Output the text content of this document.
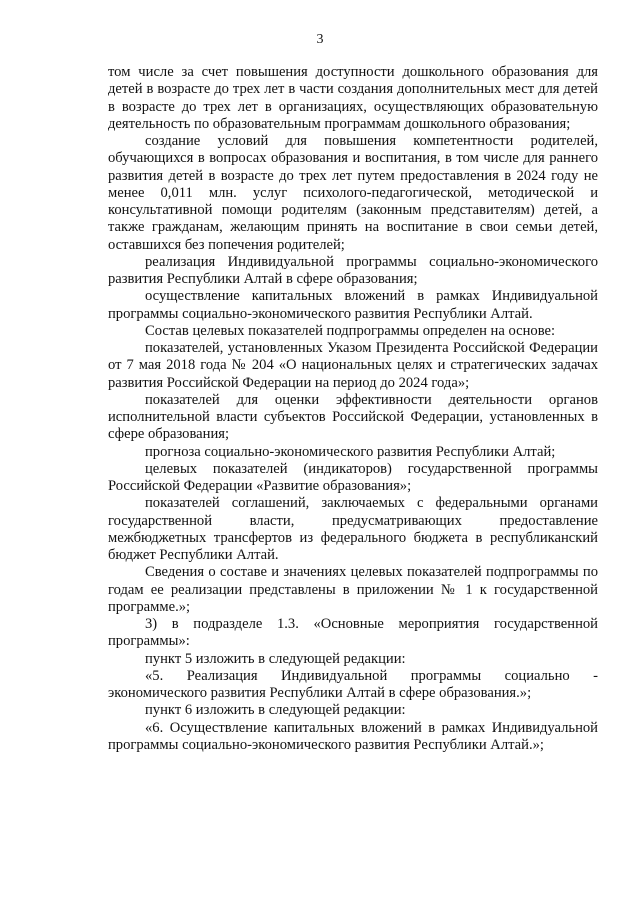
3

том числе за счет повышения доступности дошкольного образования для детей в возрасте до трех лет в части создания дополнительных мест для детей в возрасте до трех лет в организациях, осуществляющих образовательную деятельность по образовательным программам дошкольного образования;

создание условий для повышения компетентности родителей, обучающихся в вопросах образования и воспитания, в том числе для раннего развития детей в возрасте до трех лет путем предоставления в 2024 году не менее 0,011 млн. услуг психолого-педагогической, методической и консультативной помощи родителям (законным представителям) детей, а также гражданам, желающим принять на воспитание в свои семьи детей, оставшихся без попечения родителей;

реализация Индивидуальной программы социально-экономического развития Республики Алтай в сфере образования;

осуществление капитальных вложений в рамках Индивидуальной программы социально-экономического развития Республики Алтай.

Состав целевых показателей подпрограммы определен на основе:

показателей, установленных Указом Президента Российской Федерации от 7 мая 2018 года № 204 «О национальных целях и стратегических задачах развития Российской Федерации на период до 2024 года»;

показателей для оценки эффективности деятельности органов исполнительной власти субъектов Российской Федерации, установленных в сфере образования;

прогноза социально-экономического развития Республики Алтай;

целевых показателей (индикаторов) государственной программы Российской Федерации «Развитие образования»;

показателей соглашений, заключаемых с федеральными органами государственной власти, предусматривающих предоставление межбюджетных трансфертов из федерального бюджета в республиканский бюджет Республики Алтай.

Сведения о составе и значениях целевых показателей подпрограммы по годам ее реализации представлены в приложении № 1 к государственной программе.»;

3) в подразделе 1.3. «Основные мероприятия государственной программы»:

пункт 5 изложить в следующей редакции:

«5. Реализация Индивидуальной программы социально - экономического развития Республики Алтай в сфере образования.»;

пункт 6 изложить в следующей редакции:

«6. Осуществление капитальных вложений в рамках Индивидуальной программы социально-экономического развития Республики Алтай.»;
